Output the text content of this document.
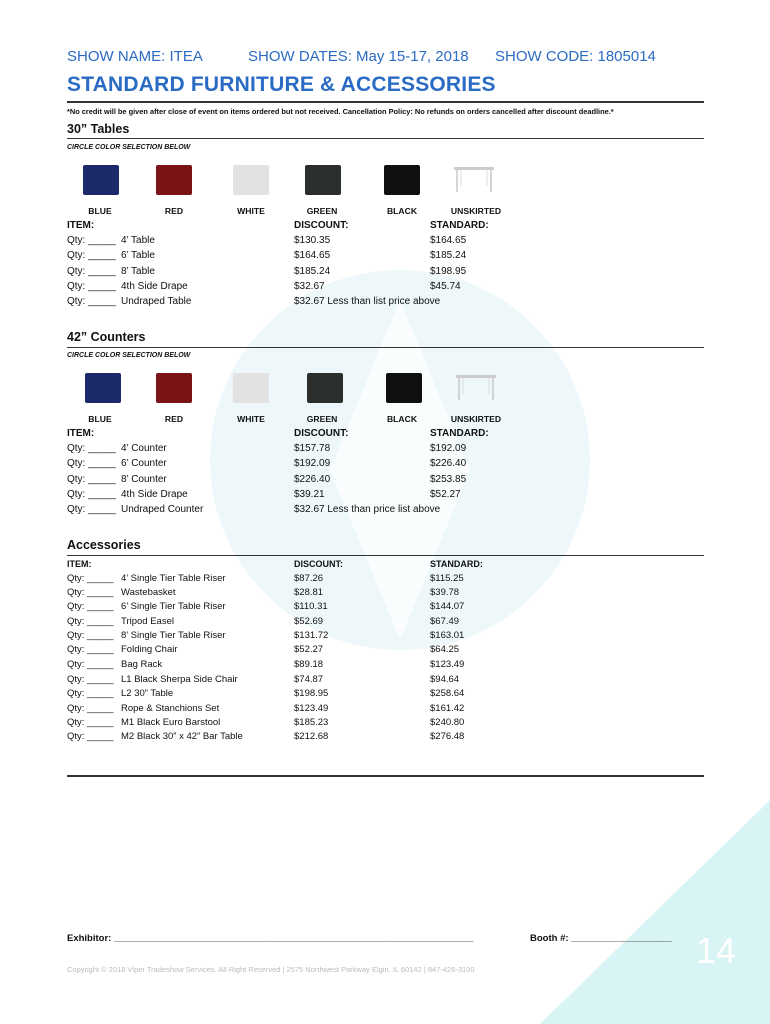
SHOW NAME: ITEA	SHOW DATES: May 15-17, 2018 SHOW CODE: 1805014
STANDARD FURNITURE & ACCESSORIES
*No credit will be given after close of event on items ordered but not received. Cancellation Policy: No refunds on orders cancelled after discount deadline.*
30” Tables
CIRCLE COLOR SELECTION BELOW
BLUE	RED	WHITE	GREEN	BLACK	UNSKIRTED
ITEM:	DISCOUNT:	STANDARD:
Qty: _____ 4’ Table	$130.35	$164.65
Qty: _____ 6’ Table	$164.65	$185.24
Qty: _____ 8’ Table	$185.24	$198.95
Qty: _____ 4th Side Drape	$32.67	$45.74
Qty: _____ Undraped Table	$32.67 Less than list price above
42” Counters
CIRCLE COLOR SELECTION BELOW
BLUE	RED	WHITE	GREEN	BLACK	UNSKIRTED
ITEM:	DISCOUNT:	STANDARD:
Qty: _____ 4’ Counter	$157.78	$192.09
Qty: _____ 6’ Counter	$192.09	$226.40
Qty: _____ 8’ Counter	$226.40	$253.85
Qty: _____ 4th Side Drape	$39.21	$52.27
Qty: _____ Undraped Counter	$32.67 Less than price list above
Accessories
ITEM:	DISCOUNT:	STANDARD:
Qty: _____ 4’ Single Tier Table Riser	$87.26	$115.25
Qty: _____ Wastebasket	$28.81	$39.78
Qty: _____ 6’ Single Tier Table Riser	$110.31	$144.07
Qty: _____ Tripod Easel	$52.69	$67.49
Qty: _____ 8’ Single Tier Table Riser	$131.72	$163.01
Qty: _____ Folding Chair	$52.27	$64.25
Qty: _____ Bag Rack	$89.18	$123.49
Qty: _____ L1 Black Sherpa Side Chair	$74.87	$94.64
Qty: _____ L2 30” Table	$198.95	$258.64
Qty: _____ Rope & Stanchions Set	$123.49	$161.42
Qty: _____ M1 Black Euro Barstool	$185.23	$240.80
Qty: _____ M2 Black 30” x 42” Bar Table	$212.68	$276.48
Exhibitor: ____________________________________________________________________	Booth #: ___________________
Copyright © 2018 Viper Tradeshow Services. All Right Reserved | 2575 Northwest Parkway Elgin, IL 60142 | 847-426-3100	14
